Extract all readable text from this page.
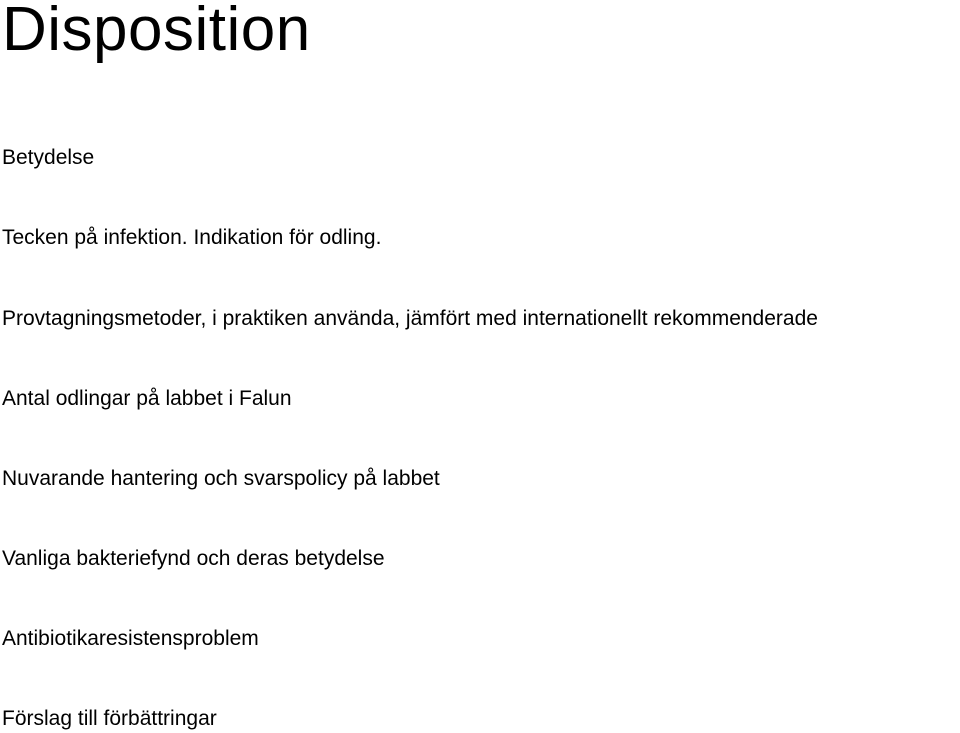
Disposition
Betydelse
Tecken på infektion. Indikation för odling.
Provtagningsmetoder, i praktiken använda, jämfört med internationellt rekommenderade
Antal odlingar på labbet i Falun
Nuvarande hantering och svarspolicy på labbet
Vanliga bakteriefynd och deras betydelse
Antibiotikaresistensproblem
Förslag till förbättringar
